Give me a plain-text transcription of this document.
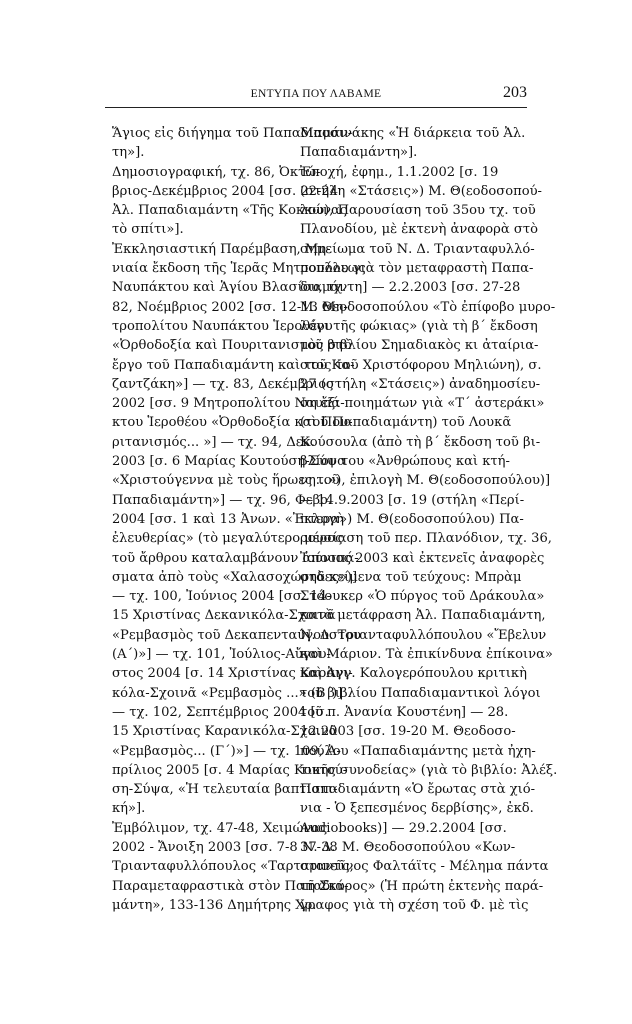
ΕΝΤΥΠΑ ΠΟΥ ΛΑΒΑΜΕ	203
Ἅγιος εἰς διήγημα τοῦ Παπαδιαμάν-
τη»].
Δημοσιογραφική, τχ. 86, Ὀκτώ-
βριος-Δεκέμβριος 2004 [σσ. 22-24
Ἀλ. Παπαδιαμάντη «Τῆς Κοκκώνας
τὸ σπίτι»].
Ἐκκλησιαστική Παρέμβαση, Μη-
νιαία ἔκδοση τῆς Ἱερᾶς Μητροπόλεως
Ναυπάκτου καὶ Ἁγίου Βλασίου, τχ.
82, Νοέμβριος 2002 [σσ. 12-13 Μη-
τροπολίτου Ναυπάκτου Ἱεροθέου
«Ὀρθοδοξία καὶ Πουριτανισμὸς στὸ
ἔργο τοῦ Παπαδιαμάντη καὶ τοῦ Κα-
ζαντζάκη»] — τχ. 83, Δεκέμβριος
2002 [σσ. 9 Μητροπολίτου Ναυπά-
κτου Ἱεροθέου «Ὀρθοδοξία καὶ Που-
ριτανισμός... »] — τχ. 94, Δεκ.
2003 [σ. 6 Μαρίας Κουτούση-Σύψα
«Χριστούγεννα μὲ τοὺς ἥρωες τοῦ
Παπαδιαμάντη»] — τχ. 96, Φεβρ.
2004 [σσ. 1 καὶ 13 Ἀνων. «Ἐκλογὴ
ἐλευθερίας» (τὸ μεγαλύτερο μέρος
τοῦ ἄρθρου καταλαμβάνουν ἀποσπά-
σματα ἀπὸ τοὺς «Χαλασοχώρηδες»)]
— τχ. 100, Ἰούνιος 2004 [σσ. 14-
15 Χριστίνας Δεκανικόλα-Σχοινᾶ
«Ρεμβασμὸς τοῦ Δεκαπενταύγουστου
(Α΄)»] — τχ. 101, Ἰούλιος-Αὔγου-
στος 2004 [σ. 14 Χριστίνας Καρανι-
κόλα-Σχοινᾶ «Ρεμβασμὸς ...» (Β΄)]
— τχ. 102, Σεπτέμβριος 2004 [σ.
15 Χριστίνας Καρανικόλα-Σχοινᾶ
«Ρεμβασμὸς... (Γ΄)»] — τχ. 109, Ἀ-
πρίλιος 2005 [σ. 4 Μαρίας Κουτού-
ση-Σύψα, «Ἡ τελευταία βαπτιστι-
κή»].
Ἐμβόλιμον, τχ. 47-48, Χειμώνας
2002 - Ἄνοιξη 2003 [σσ. 7-8 Ν. Δ.
Τριανταφυλλόπουλος «Ταρταρινεῖς,
Παραμεταφραστικὰ στὸν Παπαδια-
μάντη», 133-136 Δημήτρης Χρ.
Μποσινάκης «Ἡ διάρκεια τοῦ Ἀλ.
Παπαδιαμάντη»].
Ἐποχή, ἐφημ., 1.1.2002 [σ. 19
(στήλη «Στάσεις») Μ. Θ(εοδοσοπού-
λου), Παρουσίαση τοῦ 35ου τχ. τοῦ
Πλανοδίου, μὲ ἐκτενὴ ἀναφορὰ στὸ
σημείωμα τοῦ Ν. Δ. Τριανταφυλλό-
πουλου γιὰ τὸν μεταφραστὴ Παπα-
διαμάντη] — 2.2.2003 [σσ. 27-28
Μ. Θεοδοσοπούλου «Τὸ ἐπίφοβο μυρο-
λόγι τῆς φώκιας» (γιὰ τὴ β΄ ἔκδοση
τοῦ βιβλίου Σημαδιακὸς κι ἀταίρια-
στος τοῦ Χριστόφορου Μηλιώνη), σ.
27 (στήλη «Στάσεις») ἀναδημοσίευ-
ση ἔξι ποιημάτων γιὰ «Τ΄ ἀστεράκι»
(τοῦ Παπαδιαμάντη) τοῦ Λουκᾶ
Κούσουλα (ἀπὸ τὴ β΄ ἔκδοση τοῦ βι-
βλίου του «Ἀνθρώπους καὶ κτή-
νη...»), ἐπιλογὴ Μ. Θ(εοδοσοπούλου)]
— 14.9.2003 [σ. 19 (στήλη «Περί-
πτερα») Μ. Θ(εοδοσοπούλου) Πα-
ρουσίαση τοῦ περ. Πλανόδιον, τχ. 36,
Ἰούνιος 2003 καὶ ἐκτενεῖς ἀναφορὲς
στὰ κείμενα τοῦ τεύχους: Μπρὰμ
Στόουκερ «Ὁ πύργος τοῦ Δράκουλα»
κατὰ μετάφραση Ἀλ. Παπαδιαμάντη,
Ν. Δ. Τριανταφυλλόπουλου «Ἔβελυν
καὶ Μάριον. Τὰ ἐπικίνδυνα ἐπίκοινα»
καὶ Ἀγγ. Καλογερόπουλου κριτικὴ
τοῦ βιβλίου Παπαδιαμαντικοὶ λόγοι
τοῦ π. Ἀνανία Κουστένη] — 28.
12.2003 [σσ. 19-20 Μ. Θεοδοσο-
πούλου «Παπαδιαμάντης μετὰ ἠχη-
τικῆς συνοδείας» (γιὰ τὸ βιβλίο: Ἀλέξ.
Παπαδιαμάντη «Ὁ ἔρωτας στὰ χιό-
νια - Ὁ ξεπεσμένος δερβίσης», ἐκδ.
Audiobooks)] — 29.2.2004 [σσ.
37-38 Μ. Θεοδοσοπούλου «Κων-
σταντῖνος Φαλτάϊτς - Μέλημα πάντα
τῆ Σκύρος» (Ἡ πρώτη ἐκτενὴς παρά-
γραφος γιὰ τὴ σχέση τοῦ Φ. μὲ τὶς
